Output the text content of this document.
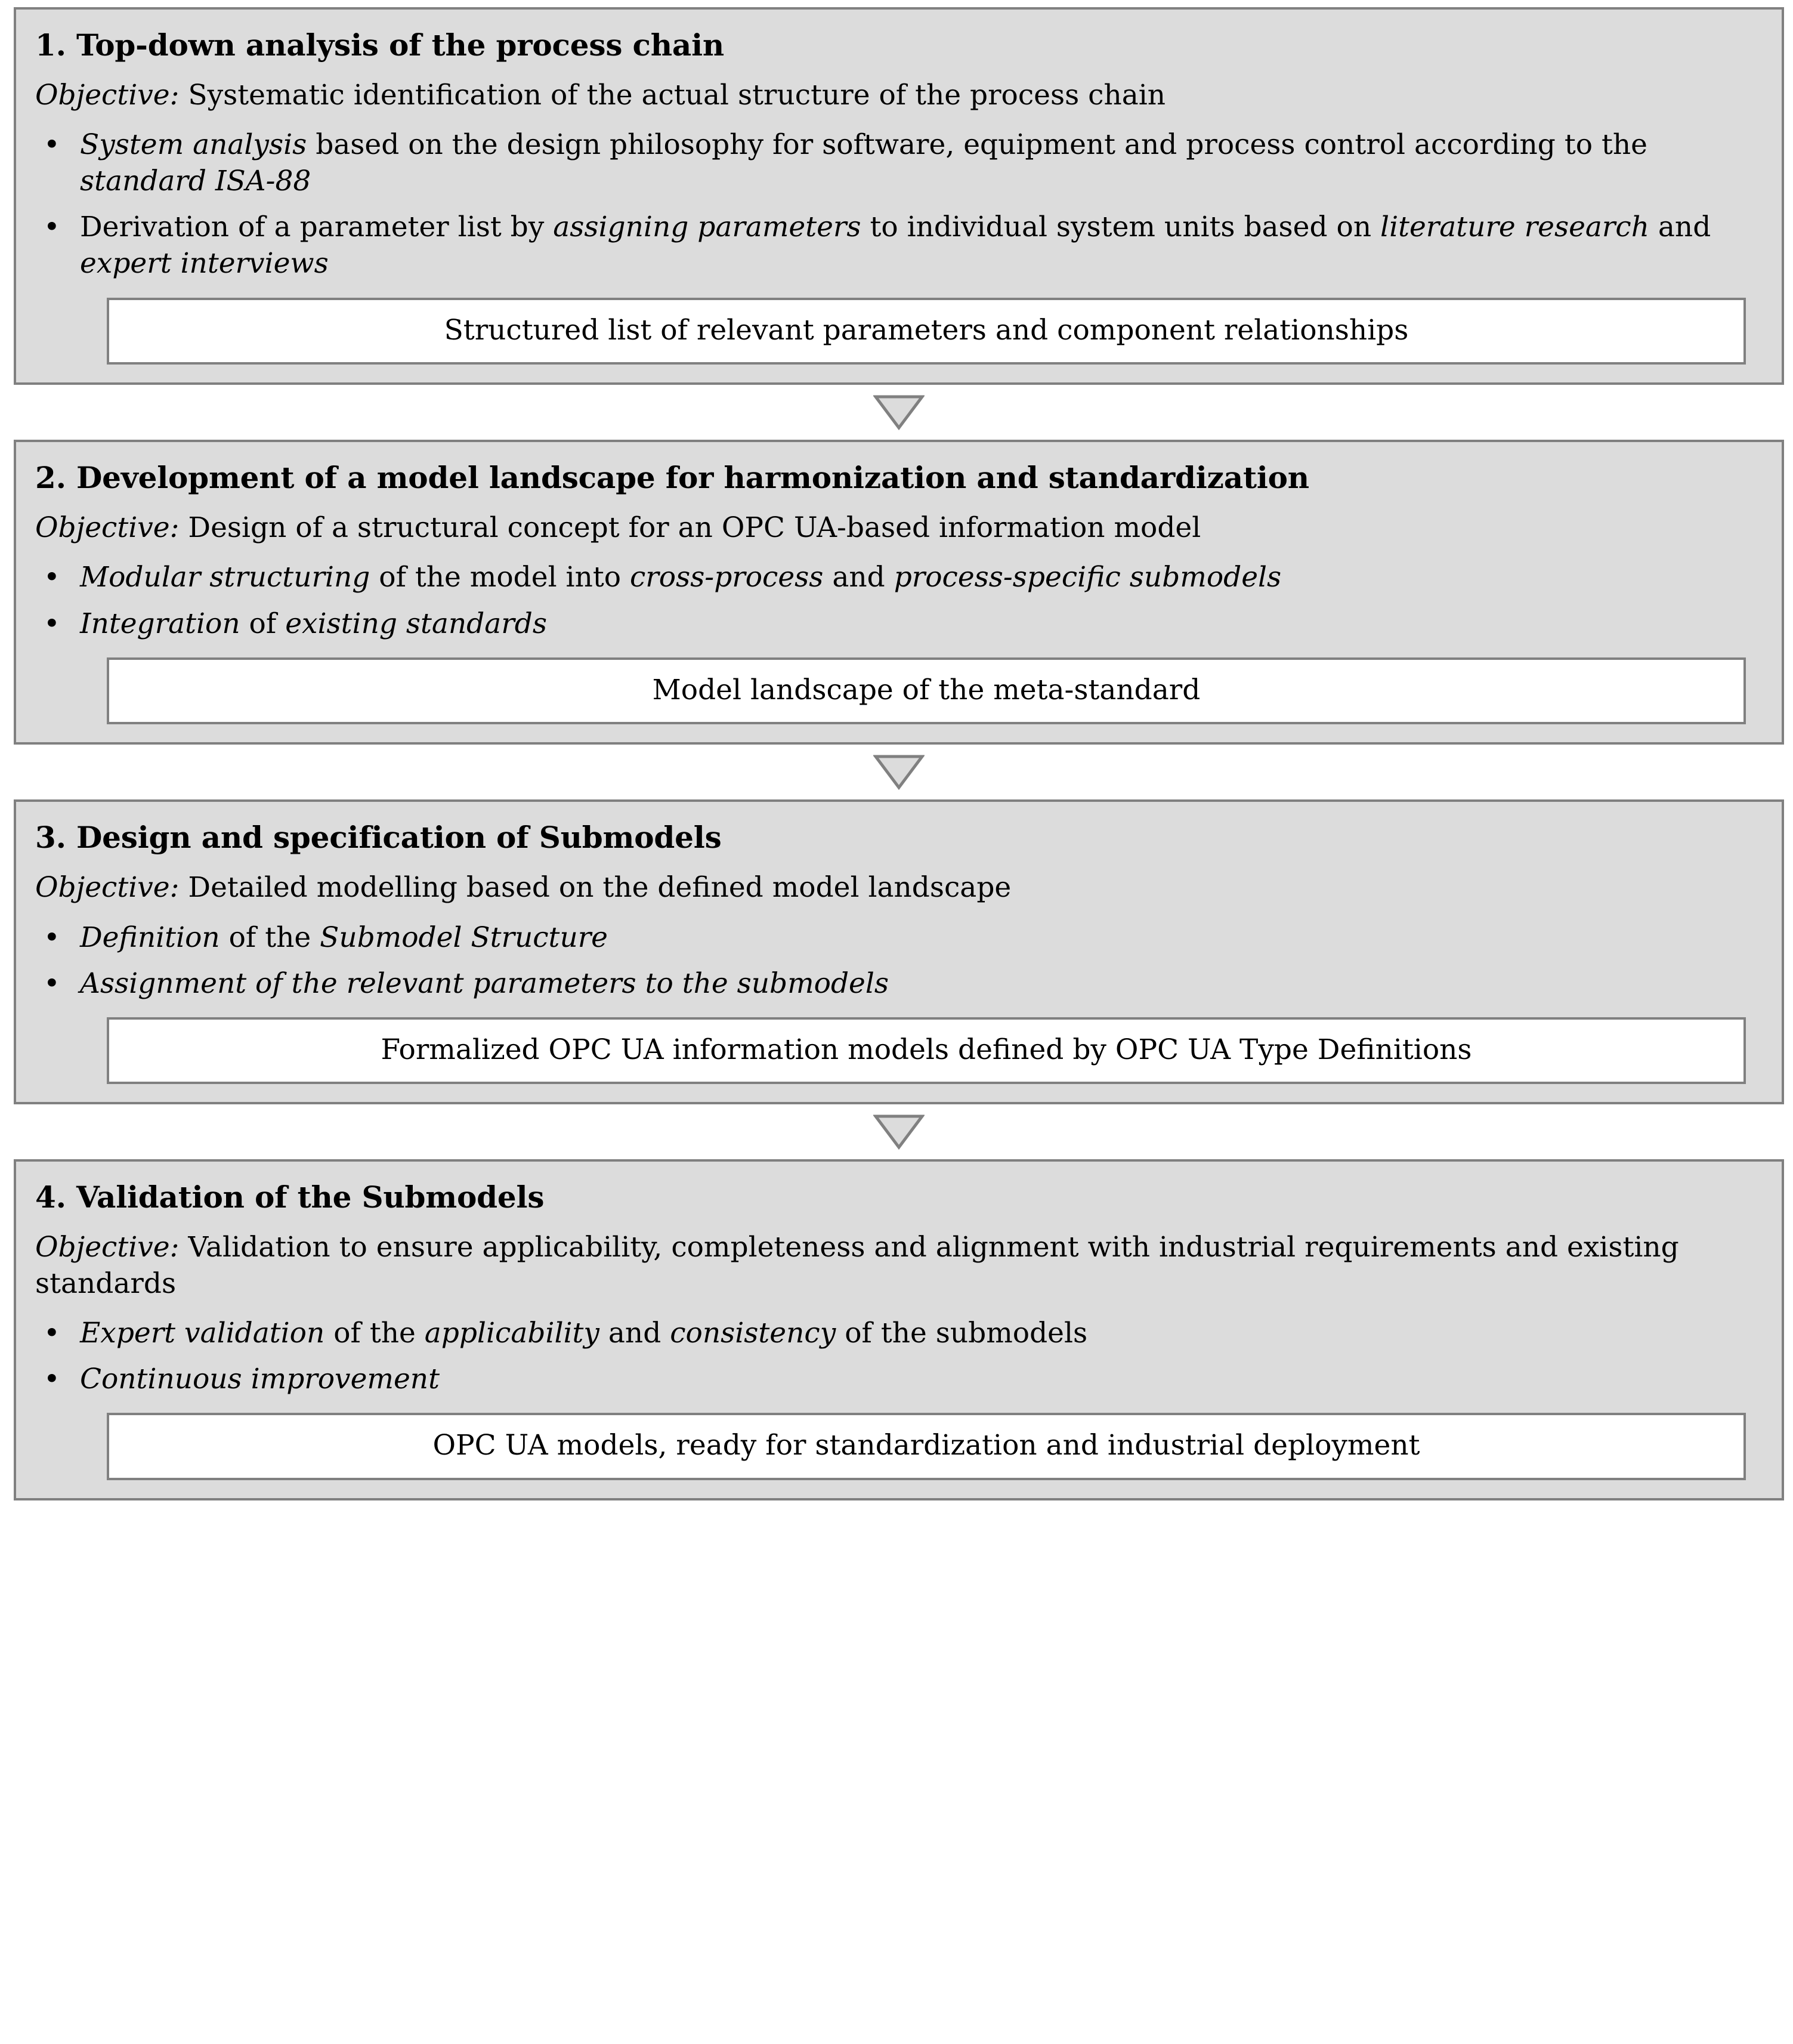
1. Top-down analysis of the process chain
Objective: Systematic identification of the actual structure of the process chain
• System analysis based on the design philosophy for software, equipment and process control according to the standard ISA-88
• Derivation of a parameter list by assigning parameters to individual system units based on literature research and expert interviews
Structured list of relevant parameters and component relationships
2. Development of a model landscape for harmonization and standardization
Objective: Design of a structural concept for an OPC UA-based information model
• Modular structuring of the model into cross-process and process-specific submodels
• Integration of existing standards
Model landscape of the meta-standard
3. Design and specification of Submodels
Objective: Detailed modelling based on the defined model landscape
• Definition of the Submodel Structure
• Assignment of the relevant parameters to the submodels
Formalized OPC UA information models defined by OPC UA Type Definitions
4. Validation of the Submodels
Objective: Validation to ensure applicability, completeness and alignment with industrial requirements and existing standards
• Expert validation of the applicability and consistency of the submodels
• Continuous improvement
OPC UA models, ready for standardization and industrial deployment
